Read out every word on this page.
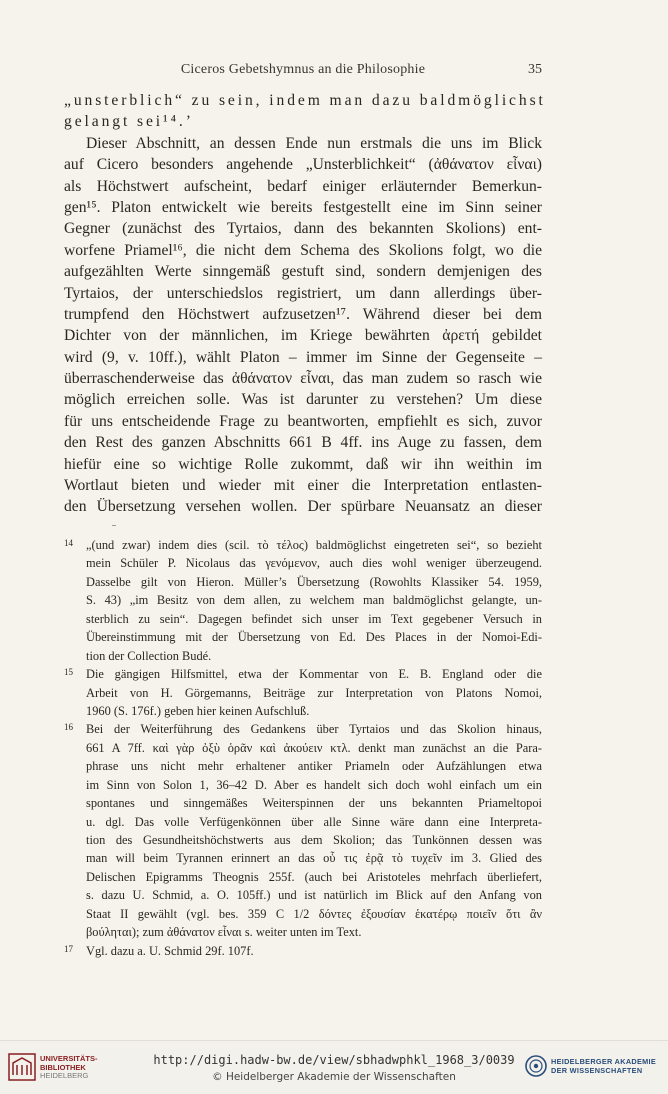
Ciceros Gebetshymnus an die Philosophie	35
„unsterblich“ zu sein, indem man dazu baldmöglichst
gelangt sei¹⁴.’
Dieser Abschnitt, an dessen Ende nun erstmals die uns im Blick
auf Cicero besonders angehende „Unsterblichkeit“ (ἀθάνατον εἶναι)
als Höchstwert aufscheint, bedarf einiger erläuternder Bemerkun-
gen¹⁵. Platon entwickelt wie bereits festgestellt eine im Sinn seiner
Gegner (zunächst des Tyrtaios, dann des bekannten Skolions) ent-
worfene Priamel¹⁶, die nicht dem Schema des Skolions folgt, wo die
aufgezählten Werte sinngemäß gestuft sind, sondern demjenigen des
Tyrtaios, der unterschiedslos registriert, um dann allerdings über-
trumpfend den Höchstwert aufzusetzen¹⁷. Während dieser bei dem
Dichter von der männlichen, im Kriege bewährten ἀρετή gebildet
wird (9, v. 10ff.), wählt Platon – immer im Sinne der Gegenseite –
überraschenderweise das ἀθάνατον εἶναι, das man zudem so rasch wie
möglich erreichen solle. Was ist darunter zu verstehen? Um diese
für uns entscheidende Frage zu beantworten, empfiehlt es sich, zuvor
den Rest des ganzen Abschnitts 661 B 4ff. ins Auge zu fassen, dem
hiefür eine so wichtige Rolle zukommt, daß wir ihn weithin im
Wortlaut bieten und wieder mit einer die Interpretation entlasten-
den Übersetzung versehen wollen. Der spürbare Neuansatz an dieser
14 „(und zwar) indem dies (scil. τὸ τέλος) baldmöglichst eingetreten sei“, so bezieht
mein Schüler P. Nicolaus das γενόμενον, auch dies wohl weniger überzeugend.
Dasselbe gilt von Hieron. Müller’s Übersetzung (Rowohlts Klassiker 54. 1959,
S. 43) „im Besitz von dem allen, zu welchem man baldmöglichst gelangte, un-
sterblich zu sein“. Dagegen befindet sich unser im Text gegebener Versuch in
Übereinstimmung mit der Übersetzung von Ed. Des Places in der Nomoi-Edi-
tion der Collection Budé.
15 Die gängigen Hilfsmittel, etwa der Kommentar von E. B. England oder die
Arbeit von H. Görgemanns, Beiträge zur Interpretation von Platons Nomoi,
1960 (S. 176f.) geben hier keinen Aufschluß.
16 Bei der Weiterführung des Gedankens über Tyrtaios und das Skolion hinaus,
661 A 7ff. καὶ γὰρ ὀξὺ ὁρᾶν καὶ ἀκούειν κτλ. denkt man zunächst an die Para-
phrase uns nicht mehr erhaltener antiker Priameln oder Aufzählungen etwa
im Sinn von Solon 1, 36–42 D. Aber es handelt sich doch wohl einfach um ein
spontanes und sinngemäßes Weiterspinnen der uns bekannten Priameltopoi
u. dgl. Das volle Verfügenkönnen über alle Sinne wäre dann eine Interpreta-
tion des Gesundheitshöchstwerts aus dem Skolion; das Tunkönnen dessen was
man will beim Tyrannen erinnert an das οὗ τις ἐρᾷ τὸ τυχεῖν im 3. Glied des
Delischen Epigramms Theognis 255f. (auch bei Aristoteles mehrfach überliefert,
s. dazu U. Schmid, a. O. 105ff.) und ist natürlich im Blick auf den Anfang von
Staat II gewählt (vgl. bes. 359 C 1/2 δόντες ἐξουσίαν ἑκατέρῳ ποιεῖν ὅτι ἂν
βούληται); zum ἀθάνατον εἶναι s. weiter unten im Text.
17 Vgl. dazu a. U. Schmid 29f. 107f.
UNIVERSITÄTS-
BIBLIOTHEK
HEIDELBERG
http://digi.hadw-bw.de/view/sbhadwphkl_1968_3/0039
© Heidelberger Akademie der Wissenschaften
HEIDELBERGER AKADEMIE
DER WISSENSCHAFTEN
